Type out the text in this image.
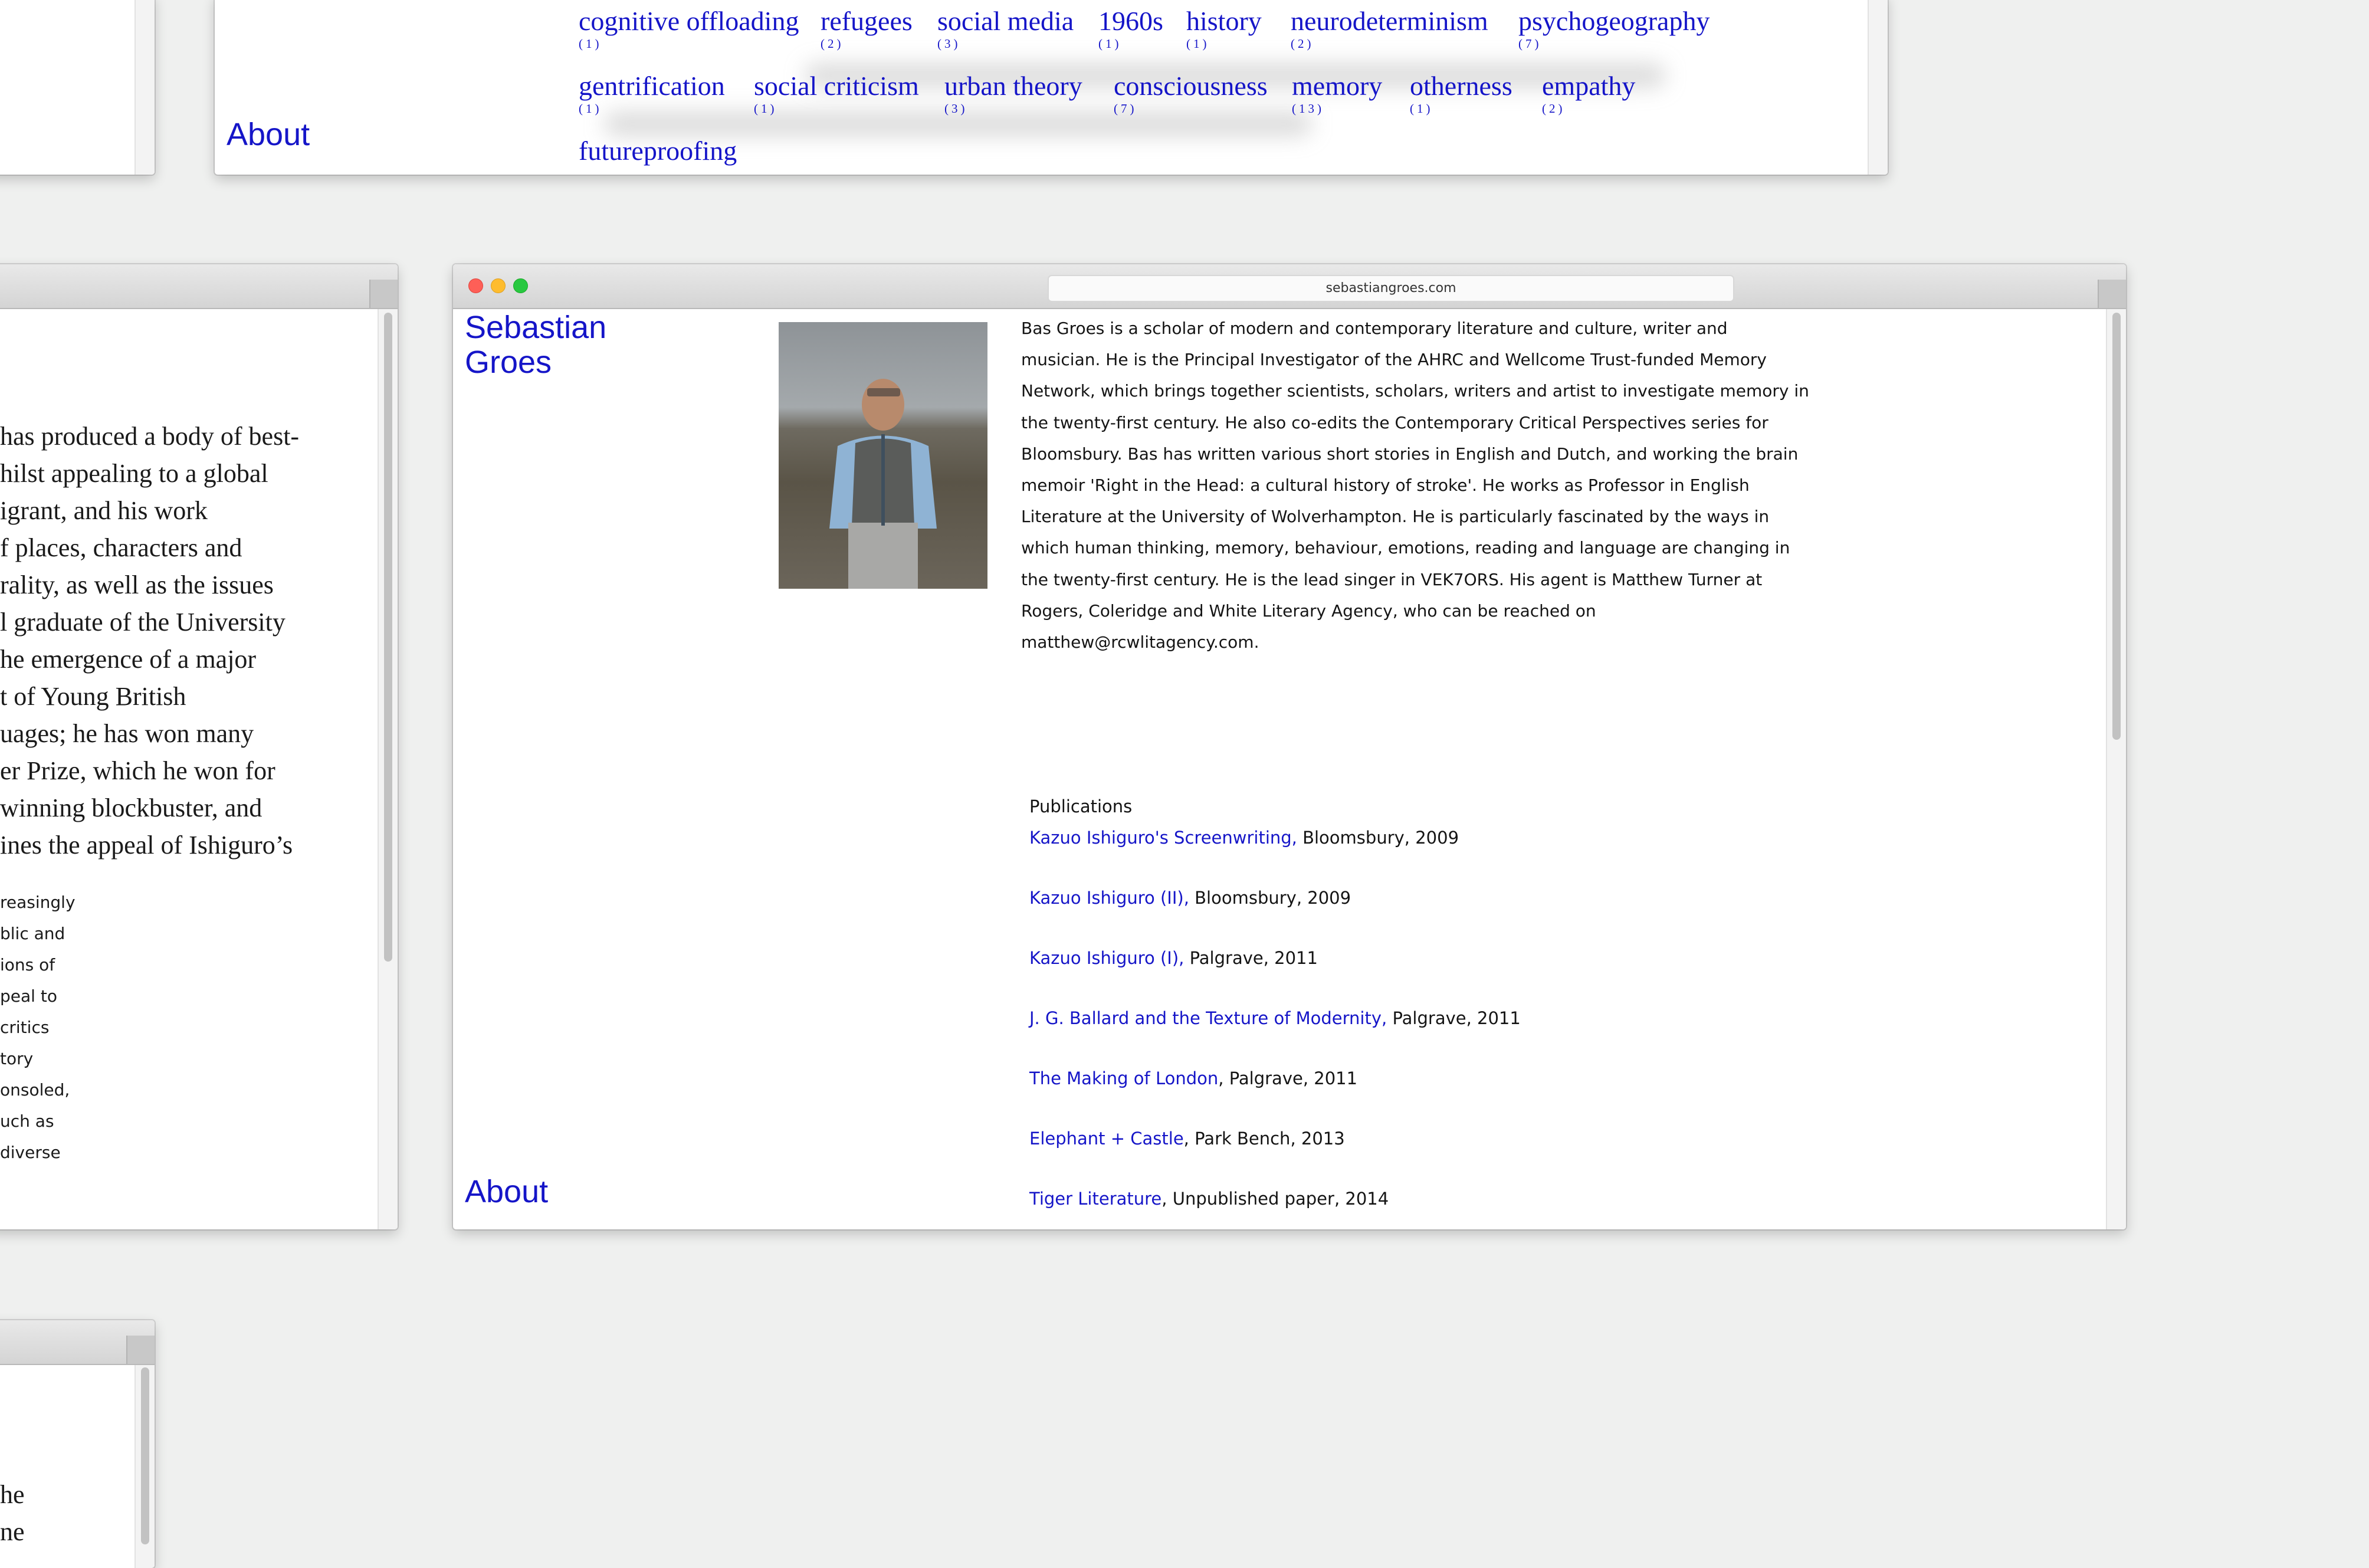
cognitive offloading
(1)
refugees
(2)
social media
(3)
1960s
(1)
history
(1)
neurodeterminism
(2)
psychogeography
(7)
gentrification
(1)
social criticism
(1)
urban theory
(3)
consciousness
(7)
memory
(13)
otherness
(1)
empathy
(2)
futureproofing
About
has produced a body of best-
hilst appealing to a global
igrant, and his work
f places, characters and
rality, as well as the issues
l graduate of the University
he emergence of a major
t of Young British
uages; he has won many
er Prize, which he won for
winning blockbuster, and
ines the appeal of Ishiguro’s
reasingly
blic and
ions of
peal to
critics
tory
onsoled,
uch as
diverse
he
ne
sebastiangroes.com
Sebastian
Groes
Bas Groes is a scholar of modern and contemporary literature and culture, writer and musician. He is the Principal Investigator of the AHRC and Wellcome Trust-funded Memory Network, which brings together scientists, scholars, writers and artist to investigate memory in the twenty-first century. He also co-edits the Contemporary Critical Perspectives series for Bloomsbury. Bas has written various short stories in English and Dutch, and working the brain memoir 'Right in the Head: a cultural history of stroke'. He works as Professor in English Literature at the University of Wolverhampton. He is particularly fascinated by the ways in which human thinking, memory, behaviour, emotions, reading and language are changing in the twenty-first century. He is the lead singer in VEK7ORS. His agent is Matthew Turner at Rogers, Coleridge and White Literary Agency, who can be reached on matthew@rcwlitagency.com.
Publications
Kazuo Ishiguro's Screenwriting, Bloomsbury, 2009
Kazuo Ishiguro (II), Bloomsbury, 2009
Kazuo Ishiguro (I), Palgrave, 2011
J. G. Ballard and the Texture of Modernity, Palgrave, 2011
The Making of London, Palgrave, 2011
Elephant + Castle, Park Bench, 2013
Tiger Literature, Unpublished paper, 2014
About
